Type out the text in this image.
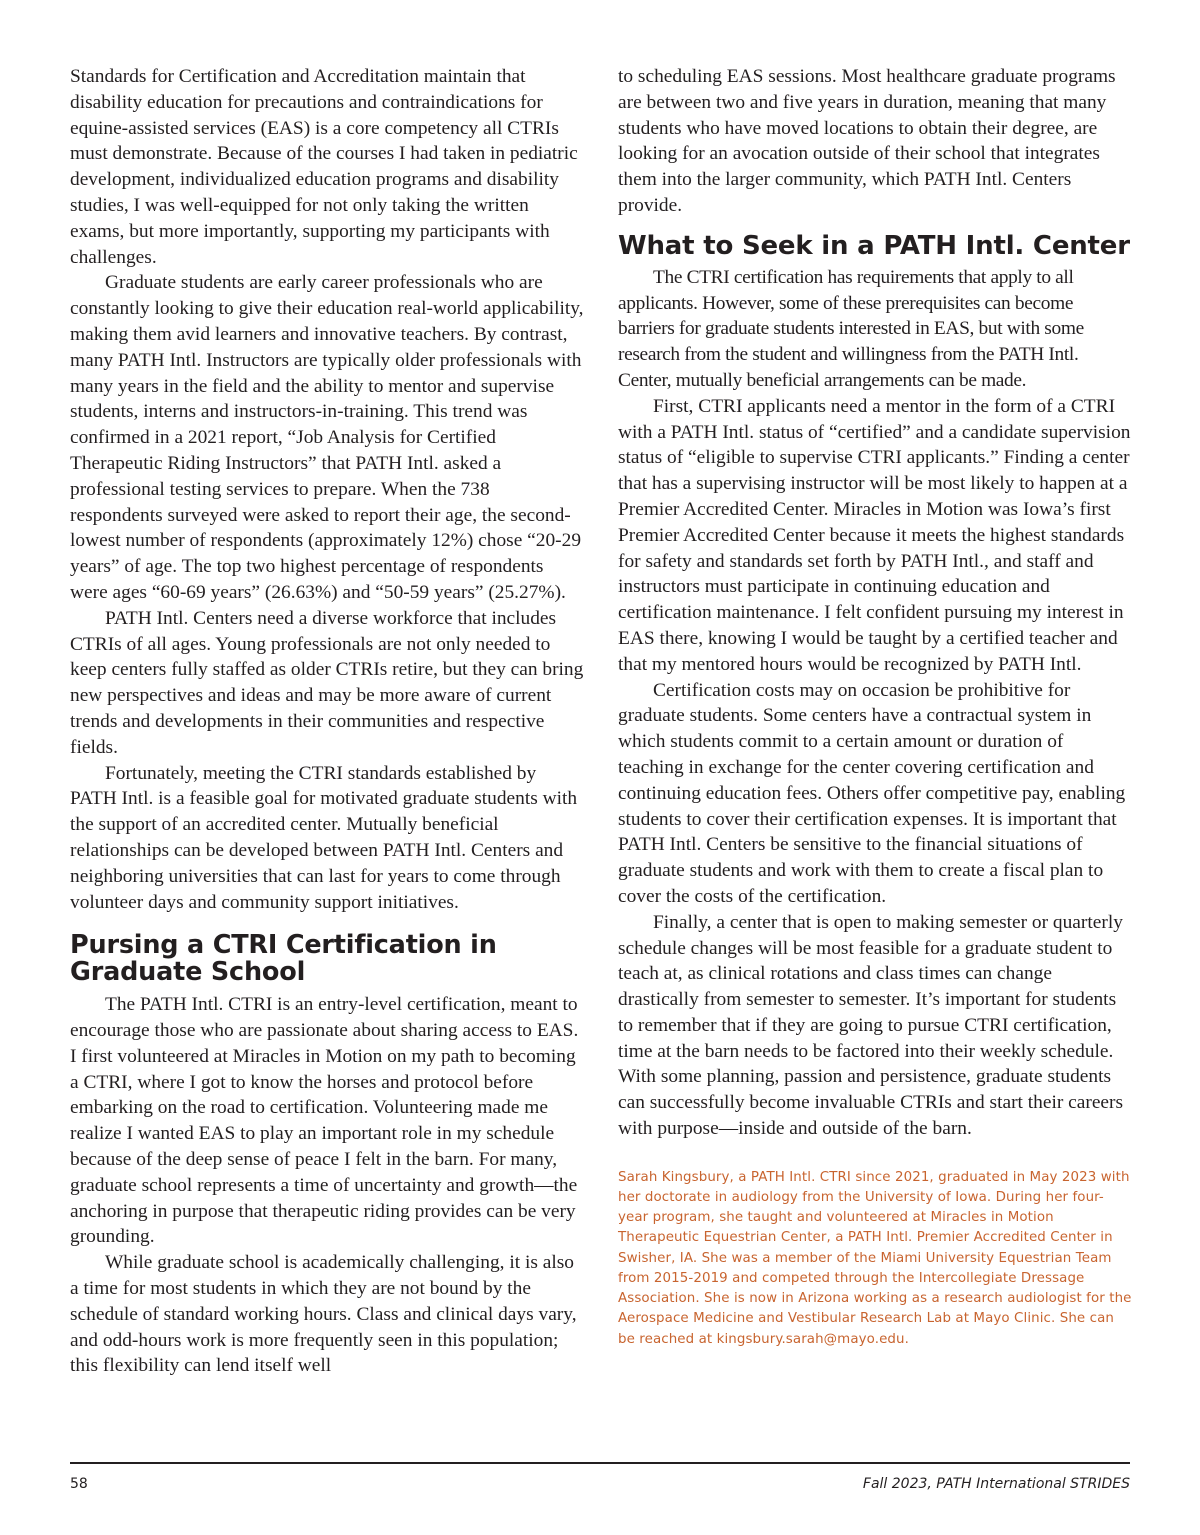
Standards for Certification and Accreditation maintain that disability education for precautions and contraindications for equine-assisted services (EAS) is a core competency all CTRIs must demonstrate. Because of the courses I had taken in pediatric development, individualized education programs and disability studies, I was well-equipped for not only taking the written exams, but more importantly, supporting my participants with challenges.

Graduate students are early career professionals who are constantly looking to give their education real-world applicability, making them avid learners and innovative teachers. By contrast, many PATH Intl. Instructors are typically older professionals with many years in the field and the ability to mentor and supervise students, interns and instructors-in-training. This trend was confirmed in a 2021 report, “Job Analysis for Certified Therapeutic Riding Instructors” that PATH Intl. asked a professional testing services to prepare. When the 738 respondents surveyed were asked to report their age, the second-lowest number of respondents (approximately 12%) chose “20-29 years” of age. The top two highest percentage of respondents were ages “60-69 years” (26.63%) and “50-59 years” (25.27%).

PATH Intl. Centers need a diverse workforce that includes CTRIs of all ages. Young professionals are not only needed to keep centers fully staffed as older CTRIs retire, but they can bring new perspectives and ideas and may be more aware of current trends and developments in their communities and respective fields.

Fortunately, meeting the CTRI standards established by PATH Intl. is a feasible goal for motivated graduate students with the support of an accredited center. Mutually beneficial relationships can be developed between PATH Intl. Centers and neighboring universities that can last for years to come through volunteer days and community support initiatives.

Pursing a CTRI Certification in Graduate School

The PATH Intl. CTRI is an entry-level certification, meant to encourage those who are passionate about sharing access to EAS. I first volunteered at Miracles in Motion on my path to becoming a CTRI, where I got to know the horses and protocol before embarking on the road to certification. Volunteering made me realize I wanted EAS to play an important role in my schedule because of the deep sense of peace I felt in the barn. For many, graduate school represents a time of uncertainty and growth—the anchoring in purpose that therapeutic riding provides can be very grounding.

While graduate school is academically challenging, it is also a time for most students in which they are not bound by the schedule of standard working hours. Class and clinical days vary, and odd-hours work is more frequently seen in this population; this flexibility can lend itself well

to scheduling EAS sessions. Most healthcare graduate programs are between two and five years in duration, meaning that many students who have moved locations to obtain their degree, are looking for an avocation outside of their school that integrates them into the larger community, which PATH Intl. Centers provide.

What to Seek in a PATH Intl. Center

The CTRI certification has requirements that apply to all applicants. However, some of these prerequisites can become barriers for graduate students interested in EAS, but with some research from the student and willingness from the PATH Intl. Center, mutually beneficial arrangements can be made.

First, CTRI applicants need a mentor in the form of a CTRI with a PATH Intl. status of “certified” and a candidate supervision status of “eligible to supervise CTRI applicants.” Finding a center that has a supervising instructor will be most likely to happen at a Premier Accredited Center. Miracles in Motion was Iowa’s first Premier Accredited Center because it meets the highest standards for safety and standards set forth by PATH Intl., and staff and instructors must participate in continuing education and certification maintenance. I felt confident pursuing my interest in EAS there, knowing I would be taught by a certified teacher and that my mentored hours would be recognized by PATH Intl.

Certification costs may on occasion be prohibitive for graduate students. Some centers have a contractual system in which students commit to a certain amount or duration of teaching in exchange for the center covering certification and continuing education fees. Others offer competitive pay, enabling students to cover their certification expenses. It is important that PATH Intl. Centers be sensitive to the financial situations of graduate students and work with them to create a fiscal plan to cover the costs of the certification.

Finally, a center that is open to making semester or quarterly schedule changes will be most feasible for a graduate student to teach at, as clinical rotations and class times can change drastically from semester to semester. It’s important for students to remember that if they are going to pursue CTRI certification, time at the barn needs to be factored into their weekly schedule. With some planning, passion and persistence, graduate students can successfully become invaluable CTRIs and start their careers with purpose—inside and outside of the barn.

Sarah Kingsbury, a PATH Intl. CTRI since 2021, graduated in May 2023 with her doctorate in audiology from the University of Iowa. During her four-year program, she taught and volunteered at Miracles in Motion Therapeutic Equestrian Center, a PATH Intl. Premier Accredited Center in Swisher, IA. She was a member of the Miami University Equestrian Team from 2015-2019 and competed through the Intercollegiate Dressage Association. She is now in Arizona working as a research audiologist for the Aerospace Medicine and Vestibular Research Lab at Mayo Clinic. She can be reached at kingsbury.sarah@mayo.edu.

58	Fall 2023, PATH International STRIDES
